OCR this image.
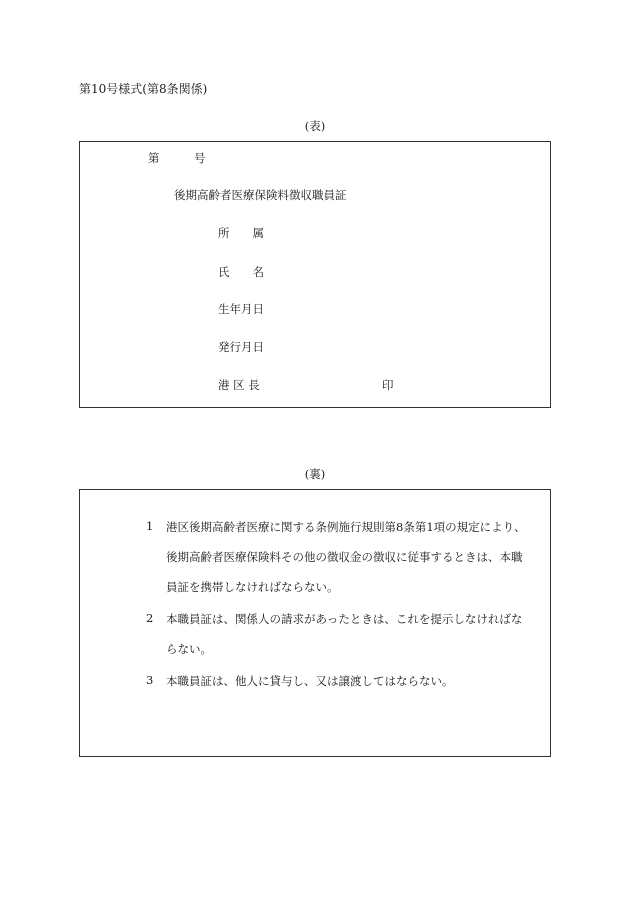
第10号様式(第8条関係)
(表)
第　　　号
後期高齢者医療保険料徴収職員証
所　　属
氏　　名
生年月日
発行月日
港 区 長	印
(裏)
1 港区後期高齢者医療に関する条例施行規則第8条第1項の規定により、
後期高齢者医療保険料その他の徴収金の徴収に従事するときは、本職
員証を携帯しなければならない。
2 本職員証は、関係人の請求があったときは、これを提示しなければな
らない。
3 本職員証は、他人に貸与し、又は譲渡してはならない。
